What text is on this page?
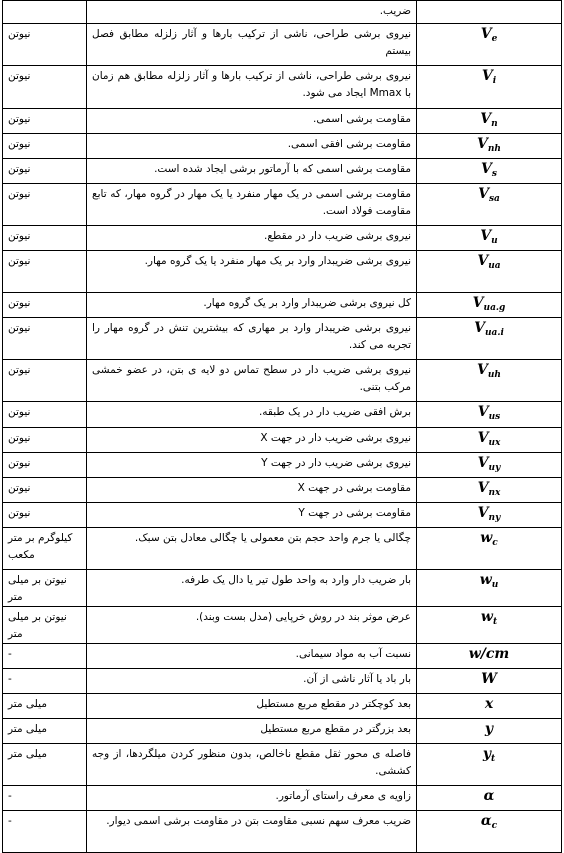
	ضریب.	
نیوتن	نیروی برشی طراحی، ناشی از ترکیب بارها و آثار زلزله مطابق فصل بیستم	$V_e$
نیوتن	نیروی برشی طراحی، ناشی از ترکیب بارها و آثار زلزله مطابق هم زمان با Mmax ایجاد می شود.	$V_i$
نیوتن	مقاومت برشی اسمی.	$V_n$
نیوتن	مقاومت برشی افقی اسمی.	$V_{nh}$
نیوتن	مقاومت برشی اسمی که با آرماتور برشی ایجاد شده است.	$V_s$
نیوتن	مقاومت برشی اسمی در یک مهار منفرد یا یک مهار در گروه مهار، که تابع مقاومت فولاد است.	$V_{sa}$
نیوتن	نیروی برشی ضریب دار در مقطع.	$V_u$
نیوتن	نیروی برشی ضریبدار وارد بر یک مهار منفرد یا یک گروه مهار.	$V_{ua}$
نیوتن	کل نیروی برشی ضریبدار وارد بر یک گروه مهار.	$V_{ua.g}$
نیوتن	نیروی برشی ضریبدار وارد بر مهاری که بیشترین تنش در گروه مهار را تجربه می کند.	$V_{ua.i}$
نیوتن	نیروی برشی ضریب دار در سطح تماس دو لایه ی بتن، در عضو خمشی مرکب بتنی.	$V_{uh}$
نیوتن	برش افقی ضریب دار در یک طبقه.	$V_{us}$
نیوتن	نیروی برشی ضریب دار در جهت X	$V_{ux}$
نیوتن	نیروی برشی ضریب دار در جهت Y	$V_{uy}$
نیوتن	مقاومت برشی در جهت X	$V_{nx}$
نیوتن	مقاومت برشی در جهت Y	$V_{ny}$
کیلوگرم بر متر مکعب	چگالی یا جرم واحد حجم بتن معمولی یا چگالی معادل بتن سبک.	$w_c$
نیوتن بر میلی متر	بار ضریب دار وارد به واحد طول تیر یا دال یک طرفه.	$w_u$
نیوتن بر میلی متر	عرض موثر بند در روش خرپایی (مدل بست وبند).	$w_t$
-	نسبت آب به مواد سیمانی.	w/cm
-	بار باد یا آثار ناشی از آن.	W
میلی متر	بعد کوچکتر در مقطع مربع مستطیل	x
میلی متر	بعد بزرگتر در مقطع مربع مستطیل	y
میلی متر	فاصله ی محور ثقل مقطع ناخالص، بدون منظور کردن میلگردها، از وجه کششی.	$y_t$
-	زاویه ی معرف راستای آرماتور.	α
-	ضریب معرف سهم نسبی مقاومت بتن در مقاومت برشی اسمی دیوار.	$\alpha_c$
